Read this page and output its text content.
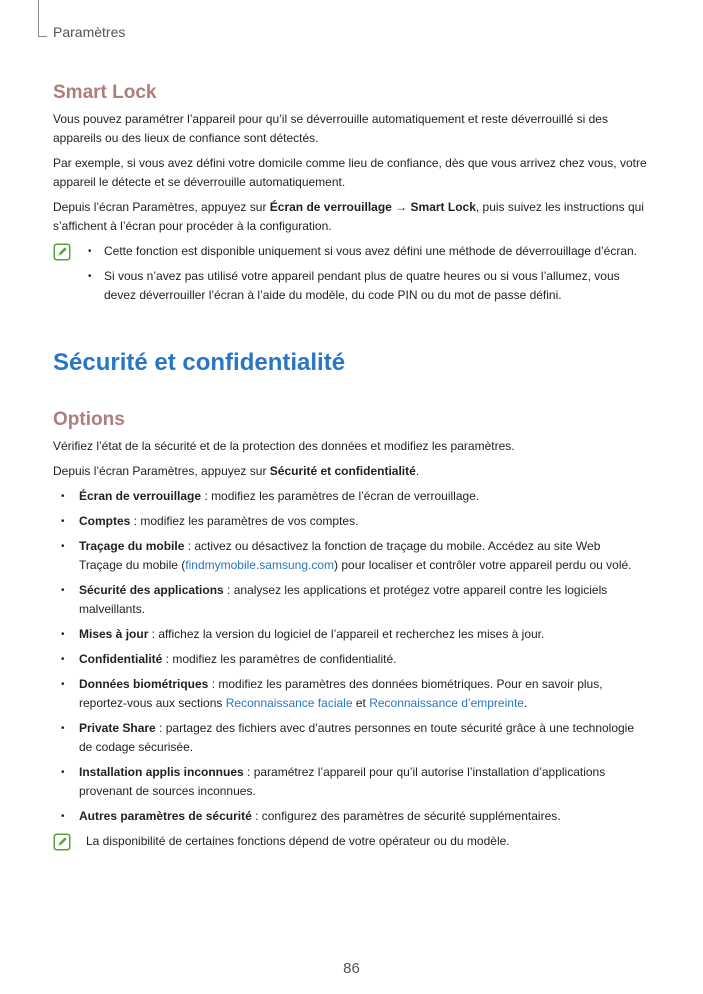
Paramètres
Smart Lock

Vous pouvez paramétrer l’appareil pour qu’il se déverrouille automatiquement et reste déverrouillé si des appareils ou des lieux de confiance sont détectés.

Par exemple, si vous avez défini votre domicile comme lieu de confiance, dès que vous arrivez chez vous, votre appareil le détecte et se déverrouille automatiquement.

Depuis l’écran Paramètres, appuyez sur Écran de verrouillage → Smart Lock, puis suivez les instructions qui s’affichent à l’écran pour procéder à la configuration.

• Cette fonction est disponible uniquement si vous avez défini une méthode de déverrouillage d’écran.
• Si vous n’avez pas utilisé votre appareil pendant plus de quatre heures ou si vous l’allumez, vous devez déverrouiller l’écran à l’aide du modèle, du code PIN ou du mot de passe défini.
Sécurité et confidentialité
Options

Vérifiez l’état de la sécurité et de la protection des données et modifiez les paramètres.

Depuis l’écran Paramètres, appuyez sur Sécurité et confidentialité.

• Écran de verrouillage : modifiez les paramètres de l’écran de verrouillage.
• Comptes : modifiez les paramètres de vos comptes.
• Traçage du mobile : activez ou désactivez la fonction de traçage du mobile. Accédez au site Web Traçage du mobile (findmymobile.samsung.com) pour localiser et contrôler votre appareil perdu ou volé.
• Sécurité des applications : analysez les applications et protégez votre appareil contre les logiciels malveillants.
• Mises à jour : affichez la version du logiciel de l’appareil et recherchez les mises à jour.
• Confidentialité : modifiez les paramètres de confidentialité.
• Données biométriques : modifiez les paramètres des données biométriques. Pour en savoir plus, reportez-vous aux sections Reconnaissance faciale et Reconnaissance d’empreinte.
• Private Share : partagez des fichiers avec d’autres personnes en toute sécurité grâce à une technologie de codage sécurisée.
• Installation applis inconnues : paramétrez l’appareil pour qu’il autorise l’installation d’applications provenant de sources inconnues.
• Autres paramètres de sécurité : configurez des paramètres de sécurité supplémentaires.

La disponibilité de certaines fonctions dépend de votre opérateur ou du modèle.

86
